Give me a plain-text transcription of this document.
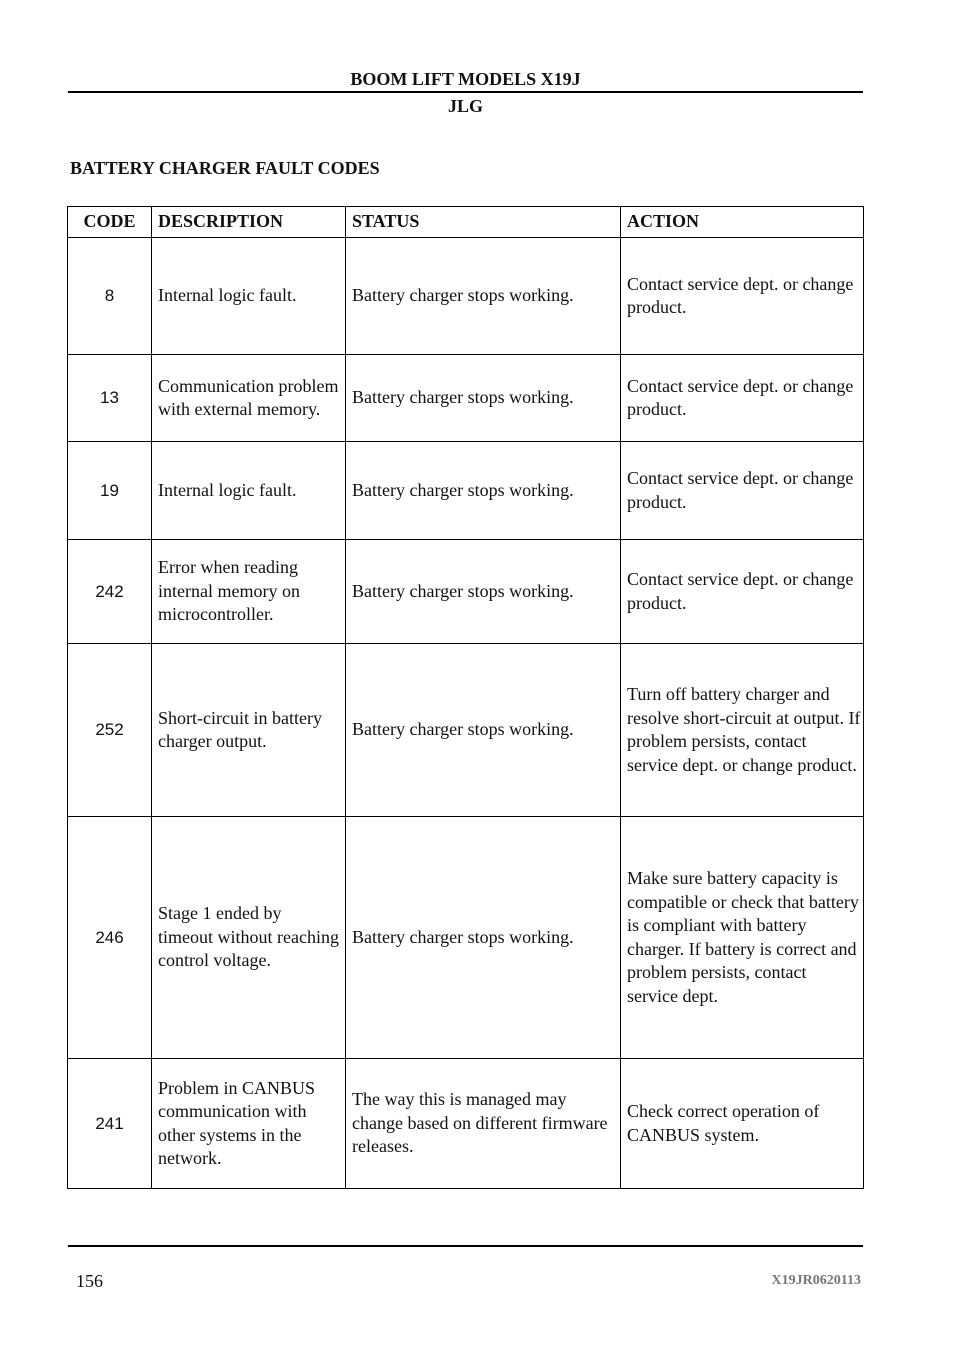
BOOM LIFT MODELS X19J
JLG
BATTERY CHARGER FAULT CODES
CODE	DESCRIPTION	STATUS	ACTION
8	Internal logic fault.	Battery charger stops working.	Contact service dept. or change product.
13	Communication problem with external memory.	Battery charger stops working.	Contact service dept. or change product.
19	Internal logic fault.	Battery charger stops working.	Contact service dept. or change product.
242	Error when reading internal memory on microcontroller.	Battery charger stops working.	Contact service dept. or change product.
252	Short-circuit in battery charger output.	Battery charger stops working.	Turn off battery charger and resolve short-circuit at output. If problem persists, contact service dept. or change product.
246	Stage 1 ended by timeout without reaching control voltage.	Battery charger stops working.	Make sure battery capacity is compatible or check that battery is compliant with battery charger. If battery is correct and problem persists, contact service dept.
241	Problem in CANBUS communication with other systems in the network.	The way this is managed may change based on different firmware releases.	Check correct operation of CANBUS system.
156	X19JR0620113
